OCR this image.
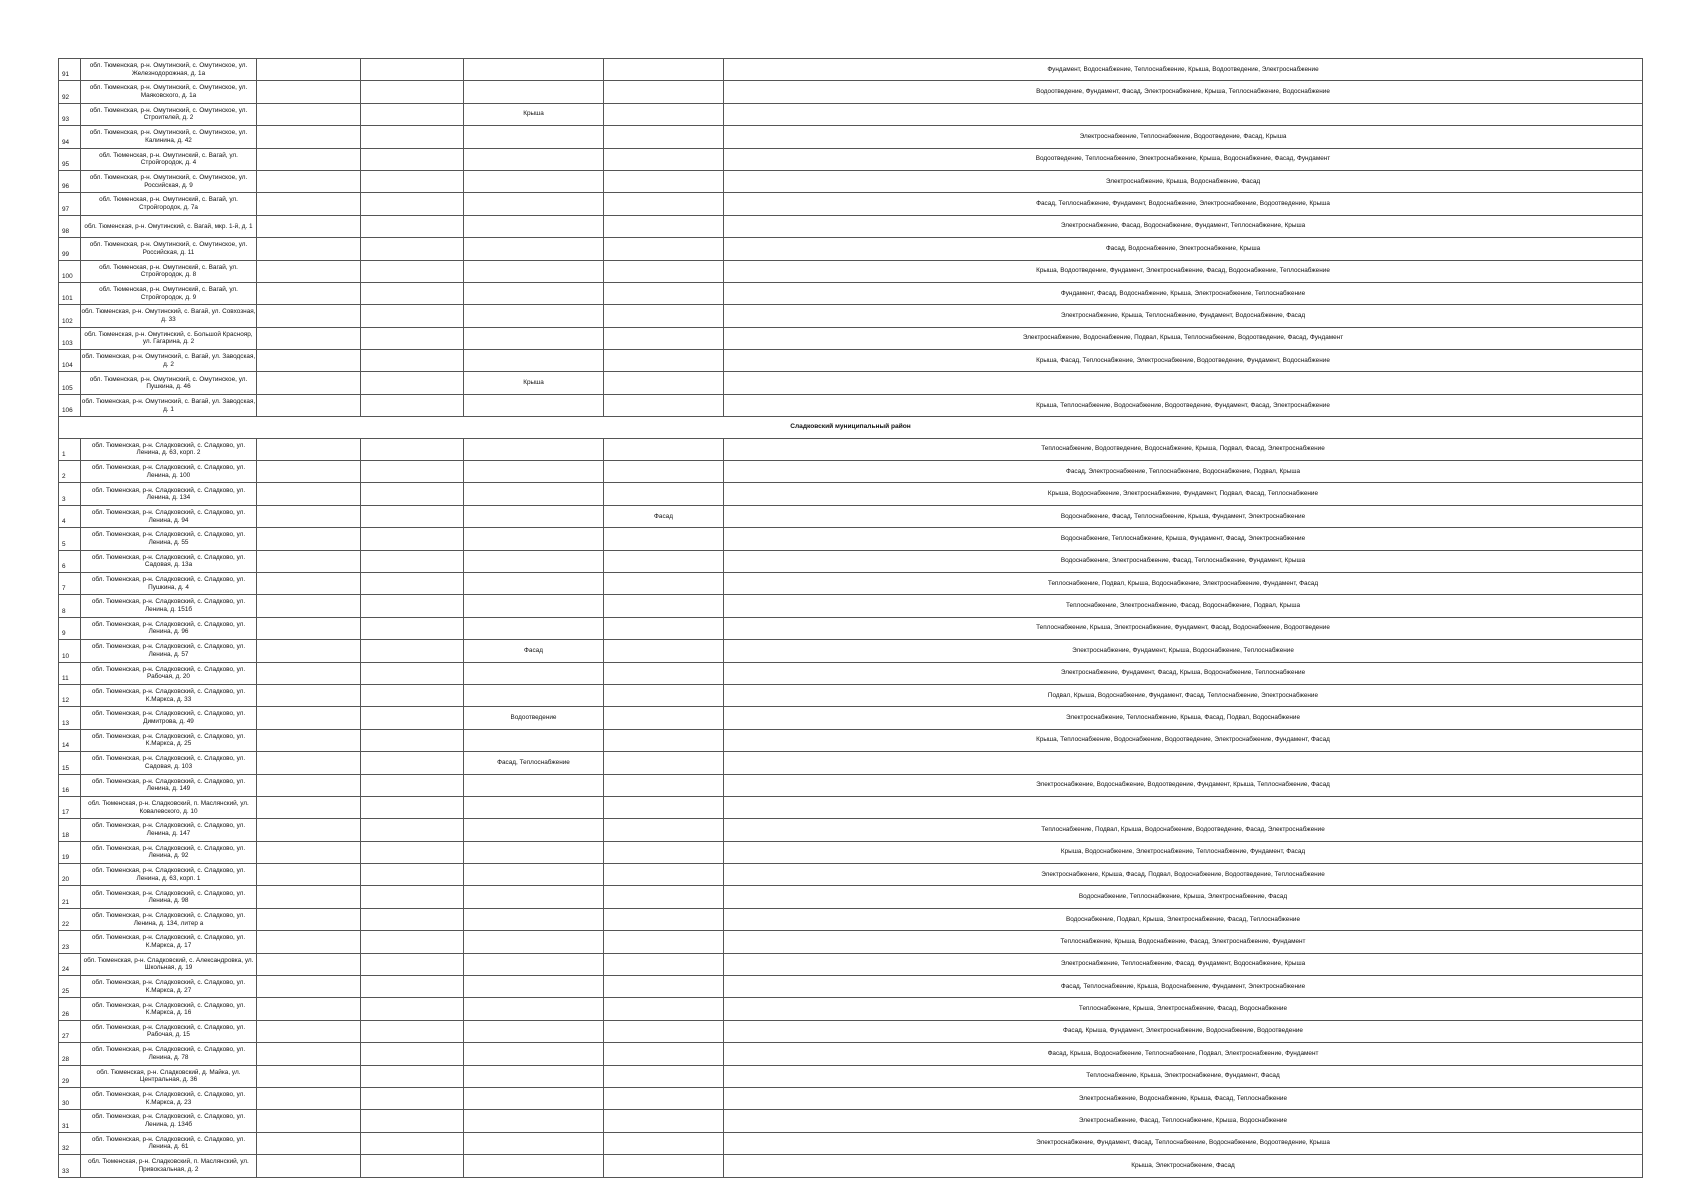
91	обл. Тюменская, р-н. Омутинский, с. Омутинское, ул. Железнодорожная, д. 1а					Фундамент, Водоснабжение, Теплоснабжение, Крыша, Водоотведение, Электроснабжение
92	обл. Тюменская, р-н. Омутинский, с. Омутинское, ул. Маяковского, д. 1а					Водоотведение, Фундамент, Фасад, Электроснабжение, Крыша, Теплоснабжение, Водоснабжение
93	обл. Тюменская, р-н. Омутинский, с. Омутинское, ул. Строителей, д. 2			Крыша		
94	обл. Тюменская, р-н. Омутинский, с. Омутинское, ул. Калинина, д. 42					Электроснабжение, Теплоснабжение, Водоотведение, Фасад, Крыша
95	обл. Тюменская, р-н. Омутинский, с. Вагай, ул. Стройгородок, д. 4					Водоотведение, Теплоснабжение, Электроснабжение, Крыша, Водоснабжение, Фасад, Фундамент
96	обл. Тюменская, р-н. Омутинский, с. Омутинское, ул. Российская, д. 9					Электроснабжение, Крыша, Водоснабжение, Фасад
97	обл. Тюменская, р-н. Омутинский, с. Вагай, ул. Стройгородок, д. 7а					Фасад, Теплоснабжение, Фундамент, Водоснабжение, Электроснабжение, Водоотведение, Крыша
98	обл. Тюменская, р-н. Омутинский, с. Вагай, мкр. 1-й, д. 1					Электроснабжение, Фасад, Водоснабжение, Фундамент, Теплоснабжение, Крыша
99	обл. Тюменская, р-н. Омутинский, с. Омутинское, ул. Российская, д. 11					Фасад, Водоснабжение, Электроснабжение, Крыша
100	обл. Тюменская, р-н. Омутинский, с. Вагай, ул. Стройгородок, д. 8					Крыша, Водоотведение, Фундамент, Электроснабжение, Фасад, Водоснабжение, Теплоснабжение
101	обл. Тюменская, р-н. Омутинский, с. Вагай, ул. Стройгородок, д. 9					Фундамент, Фасад, Водоснабжение, Крыша, Электроснабжение, Теплоснабжение
102	обл. Тюменская, р-н. Омутинский, с. Вагай, ул. Совхозная, д. 33					Электроснабжение, Крыша, Теплоснабжение, Фундамент, Водоснабжение, Фасад
103	обл. Тюменская, р-н. Омутинский, с. Большой Краснояр, ул. Гагарина, д. 2					Электроснабжение, Водоснабжение, Подвал, Крыша, Теплоснабжение, Водоотведение, Фасад, Фундамент
104	обл. Тюменская, р-н. Омутинский, с. Вагай, ул. Заводская, д. 2					Крыша, Фасад, Теплоснабжение, Электроснабжение, Водоотведение, Фундамент, Водоснабжение
105	обл. Тюменская, р-н. Омутинский, с. Омутинское, ул. Пушкина, д. 46			Крыша		
106	обл. Тюменская, р-н. Омутинский, с. Вагай, ул. Заводская, д. 1					Крыша, Теплоснабжение, Водоснабжение, Водоотведение, Фундамент, Фасад, Электроснабжение
Сладковский муниципальный район						
1	обл. Тюменская, р-н. Сладковский, с. Сладково, ул. Ленина, д. 63, корп. 2					Теплоснабжение, Водоотведение, Водоснабжение, Крыша, Подвал, Фасад, Электроснабжение
2	обл. Тюменская, р-н. Сладковский, с. Сладково, ул. Ленина, д. 100					Фасад, Электроснабжение, Теплоснабжение, Водоснабжение, Подвал, Крыша
3	обл. Тюменская, р-н. Сладковский, с. Сладково, ул. Ленина, д. 134					Крыша, Водоснабжение, Электроснабжение, Фундамент, Подвал, Фасад, Теплоснабжение
4	обл. Тюменская, р-н. Сладковский, с. Сладково, ул. Ленина, д. 94				Фасад	Водоснабжение, Фасад, Теплоснабжение, Крыша, Фундамент, Электроснабжение
5	обл. Тюменская, р-н. Сладковский, с. Сладково, ул. Ленина, д. 55					Водоснабжение, Теплоснабжение, Крыша, Фундамент, Фасад, Электроснабжение
6	обл. Тюменская, р-н. Сладковский, с. Сладково, ул. Садовая, д. 13а					Водоснабжение, Электроснабжение, Фасад, Теплоснабжение, Фундамент, Крыша
7	обл. Тюменская, р-н. Сладковский, с. Сладково, ул. Пушкина, д. 4					Теплоснабжение, Подвал, Крыша, Водоснабжение, Электроснабжение, Фундамент, Фасад
8	обл. Тюменская, р-н. Сладковский, с. Сладково, ул. Ленина, д. 151б					Теплоснабжение, Электроснабжение, Фасад, Водоснабжение, Подвал, Крыша
9	обл. Тюменская, р-н. Сладковский, с. Сладково, ул. Ленина, д. 96					Теплоснабжение, Крыша, Электроснабжение, Фундамент, Фасад, Водоснабжение, Водоотведение
10	обл. Тюменская, р-н. Сладковский, с. Сладково, ул. Ленина, д. 57			Фасад		Электроснабжение, Фундамент, Крыша, Водоснабжение, Теплоснабжение
11	обл. Тюменская, р-н. Сладковский, с. Сладково, ул. Рабочая, д. 20					Электроснабжение, Фундамент, Фасад, Крыша, Водоснабжение, Теплоснабжение
12	обл. Тюменская, р-н. Сладковский, с. Сладково, ул. К.Маркса, д. 33					Подвал, Крыша, Водоснабжение, Фундамент, Фасад, Теплоснабжение, Электроснабжение
13	обл. Тюменская, р-н. Сладковский, с. Сладково, ул. Димитрова, д. 49			Водоотведение		Электроснабжение, Теплоснабжение, Крыша, Фасад, Подвал, Водоснабжение
14	обл. Тюменская, р-н. Сладковский, с. Сладково, ул. К.Маркса, д. 25					Крыша, Теплоснабжение, Водоснабжение, Водоотведение, Электроснабжение, Фундамент, Фасад
15	обл. Тюменская, р-н. Сладковский, с. Сладково, ул. Садовая, д. 103			Фасад, Теплоснабжение		
16	обл. Тюменская, р-н. Сладковский, с. Сладково, ул. Ленина, д. 149					Электроснабжение, Водоснабжение, Водоотведение, Фундамент, Крыша, Теплоснабжение, Фасад
17	обл. Тюменская, р-н. Сладковский, п. Маслянский, ул. Ковалевского, д. 10					
18	обл. Тюменская, р-н. Сладковский, с. Сладково, ул. Ленина, д. 147					Теплоснабжение, Подвал, Крыша, Водоснабжение, Водоотведение, Фасад, Электроснабжение
19	обл. Тюменская, р-н. Сладковский, с. Сладково, ул. Ленина, д. 92					Крыша, Водоснабжение, Электроснабжение, Теплоснабжение, Фундамент, Фасад
20	обл. Тюменская, р-н. Сладковский, с. Сладково, ул. Ленина, д. 63, корп. 1					Электроснабжение, Крыша, Фасад, Подвал, Водоснабжение, Водоотведение, Теплоснабжение
21	обл. Тюменская, р-н. Сладковский, с. Сладково, ул. Ленина, д. 98					Водоснабжение, Теплоснабжение, Крыша, Электроснабжение, Фасад
22	обл. Тюменская, р-н. Сладковский, с. Сладково, ул. Ленина, д. 134, литер а					Водоснабжение, Подвал, Крыша, Электроснабжение, Фасад, Теплоснабжение
23	обл. Тюменская, р-н. Сладковский, с. Сладково, ул. К.Маркса, д. 17					Теплоснабжение, Крыша, Водоснабжение, Фасад, Электроснабжение, Фундамент
24	обл. Тюменская, р-н. Сладковский, с. Александровка, ул. Школьная, д. 19					Электроснабжение, Теплоснабжение, Фасад, Фундамент, Водоснабжение, Крыша
25	обл. Тюменская, р-н. Сладковский, с. Сладково, ул. К.Маркса, д. 27					Фасад, Теплоснабжение, Крыша, Водоснабжение, Фундамент, Электроснабжение
26	обл. Тюменская, р-н. Сладковский, с. Сладково, ул. К.Маркса, д. 16					Теплоснабжение, Крыша, Электроснабжение, Фасад, Водоснабжение
27	обл. Тюменская, р-н. Сладковский, с. Сладково, ул. Рабочая, д. 15					Фасад, Крыша, Фундамент, Электроснабжение, Водоснабжение, Водоотведение
28	обл. Тюменская, р-н. Сладковский, с. Сладково, ул. Ленина, д. 78					Фасад, Крыша, Водоснабжение, Теплоснабжение, Подвал, Электроснабжение, Фундамент
29	обл. Тюменская, р-н. Сладковский, д. Майка, ул. Центральная, д. 36					Теплоснабжение, Крыша, Электроснабжение, Фундамент, Фасад
30	обл. Тюменская, р-н. Сладковский, с. Сладково, ул. К.Маркса, д. 23					Электроснабжение, Водоснабжение, Крыша, Фасад, Теплоснабжение
31	обл. Тюменская, р-н. Сладковский, с. Сладково, ул. Ленина, д. 134б					Электроснабжение, Фасад, Теплоснабжение, Крыша, Водоснабжение
32	обл. Тюменская, р-н. Сладковский, с. Сладково, ул. Ленина, д. 61					Электроснабжение, Фундамент, Фасад, Теплоснабжение, Водоснабжение, Водоотведение, Крыша
33	обл. Тюменская, р-н. Сладковский, п. Маслянский, ул. Привокзальная, д. 2					Крыша, Электроснабжение, Фасад
